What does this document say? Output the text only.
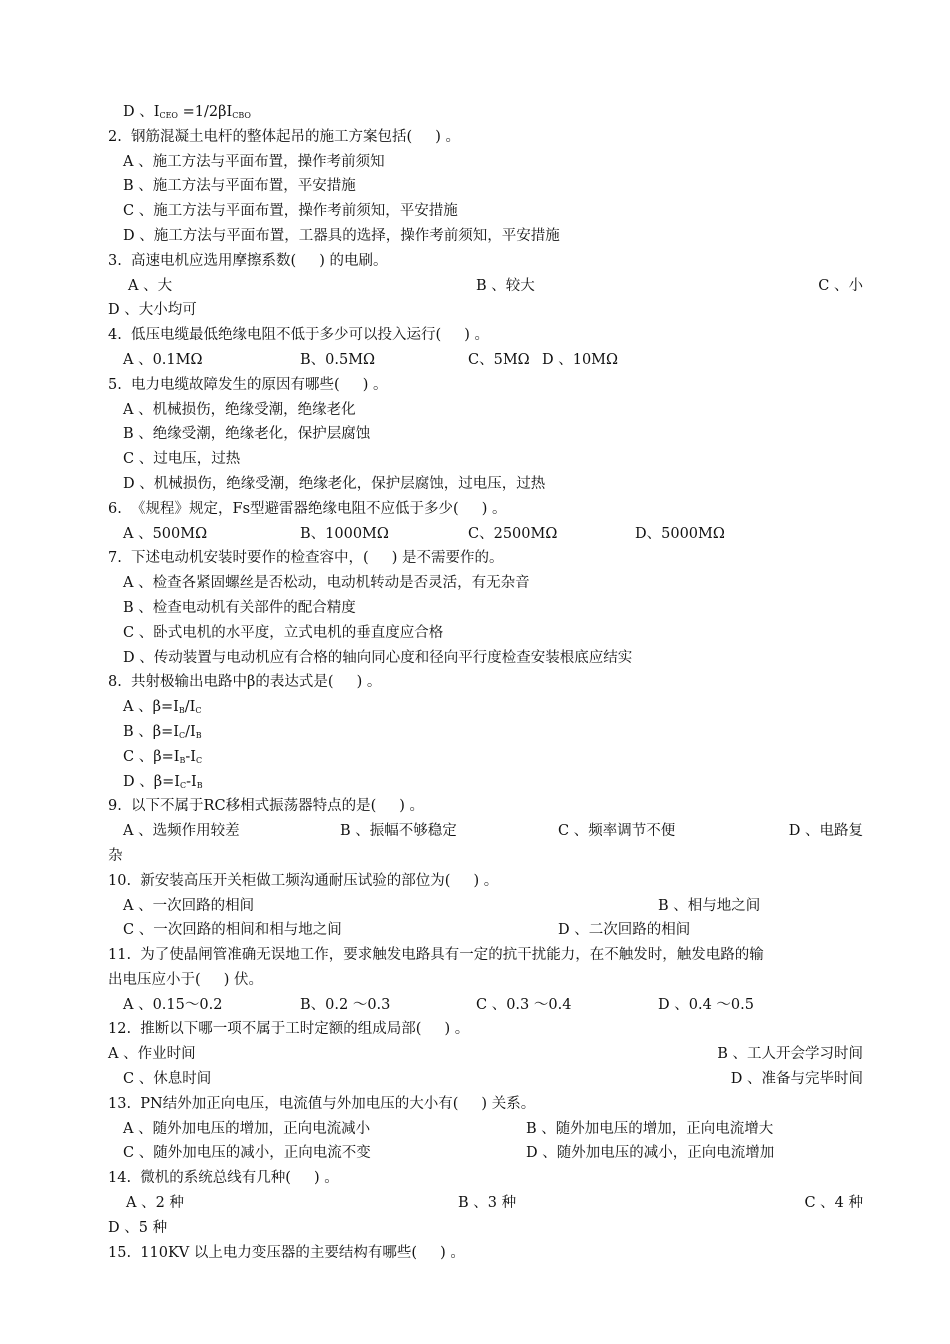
D 、$I_{CEO} =1/2\beta I_{CBO}$
2.  钢筋混凝土电杆的整体起吊的施工方案包括(     ) 。
A 、施工方法与平面布置，操作考前须知
B 、施工方法与平面布置，平安措施
C 、施工方法与平面布置，操作考前须知，平安措施
D 、施工方法与平面布置，工器具的选择，操作考前须知，平安措施
3.  高速电机应选用摩擦系数(     ) 的电刷。
A 、大	B 、较大	C 、小
D 、大小均可
4.  低压电缆最低绝缘电阻不低于多少可以投入运行(     ) 。
A 、0.1MΩ	B、0.5MΩ	C、5MΩ D 、10MΩ
5.  电力电缆故障发生的原因有哪些(     ) 。
A 、机械损伤，绝缘受潮，绝缘老化
B 、绝缘受潮，绝缘老化，保护层腐蚀
C 、过电压，过热
D 、机械损伤，绝缘受潮，绝缘老化，保护层腐蚀，过电压，过热
6.  《规程》规定，Fs型避雷器绝缘电阻不应低于多少(     ) 。
A 、500MΩ	B、1000MΩ	C、2500MΩ	D、5000MΩ
7.  下述电动机安装时要作的检查容中，(     ) 是不需要作的。
A 、检查各紧固螺丝是否松动，电动机转动是否灵活，有无杂音
B 、检查电动机有关部件的配合精度
C 、卧式电机的水平度，立式电机的垂直度应合格
D 、传动装置与电动机应有合格的轴向同心度和径向平行度检查安装根底应结实
8.  共射极输出电路中β的表达式是(     ) 。
A 、$\beta=I_B/I_C$
B 、$\beta=I_C/I_B$
C 、$\beta=I_B-I_C$
D 、$\beta=I_C-I_B$
9.  以下不属于RC移相式振荡器特点的是(     ) 。
A 、选频作用较差	B 、振幅不够稳定	C 、频率调节不便	D 、电路复
杂
10.  新安装高压开关柜做工频沟通耐压试验的部位为(     ) 。
A 、一次回路的相间	B 、相与地之间
C 、一次回路的相间和相与地之间	D 、二次回路的相间
11.  为了使晶闸管准确无误地工作，要求触发电路具有一定的抗干扰能力，在不触发时，触发电路的输
出电压应小于(     ) 伏。
A 、0.15～0.2	B、0.2 ～0.3	C 、0.3 ～0.4	D 、0.4 ～0.5
12.  推断以下哪一项不属于工时定额的组成局部(     ) 。
A 、作业时间	B 、工人开会学习时间
C 、休息时间	D 、准备与完毕时间
13.  PN结外加正向电压，电流值与外加电压的大小有(     ) 关系。
A 、随外加电压的增加，正向电流减小	B 、随外加电压的增加，正向电流增大
C 、随外加电压的减小，正向电流不变	D 、随外加电压的减小，正向电流增加
14.  微机的系统总线有几种(     ) 。
A 、2 种	B 、3 种	C 、4 种
D 、5 种
15.  110KV 以上电力变压器的主要结构有哪些(     ) 。
